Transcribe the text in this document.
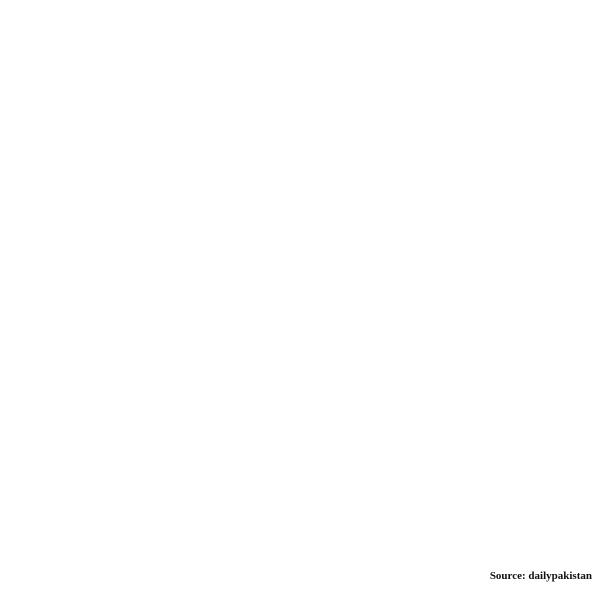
Source: dailypakistan
